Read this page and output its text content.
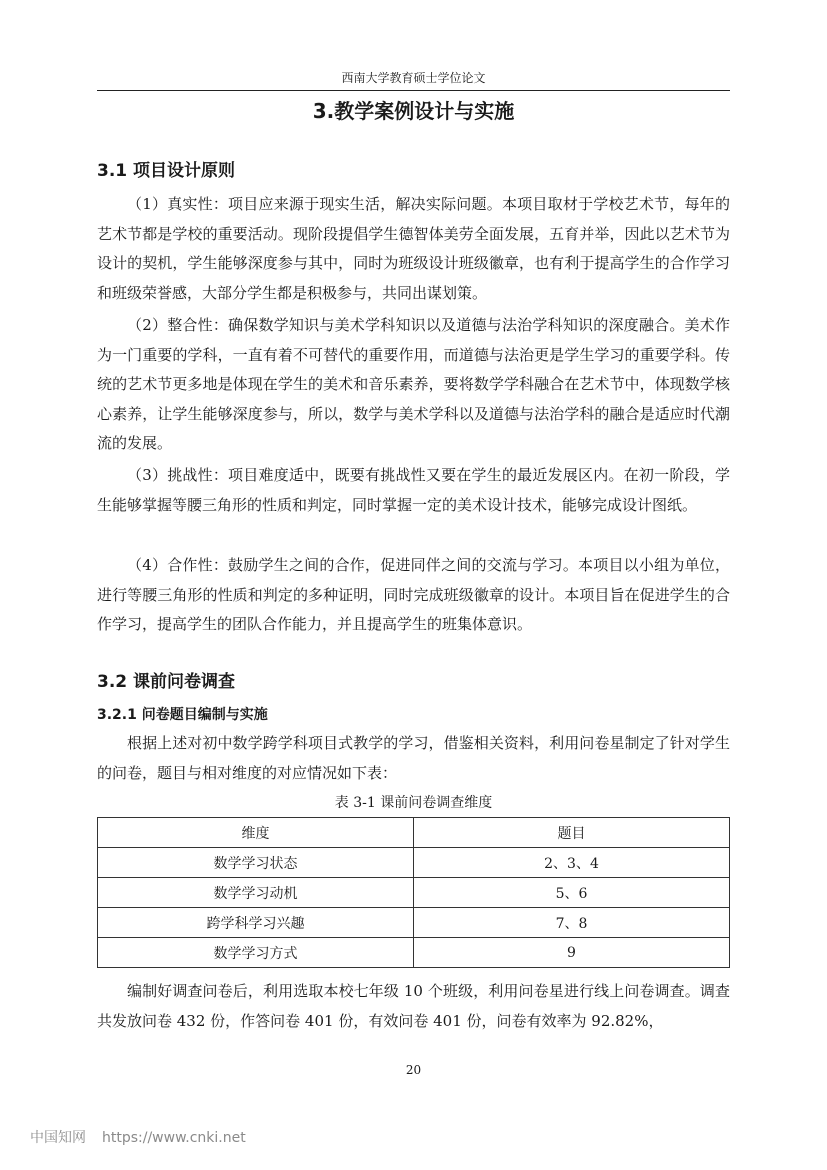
西南大学教育硕士学位论文
3.教学案例设计与实施
3.1 项目设计原则

（1）真实性：项目应来源于现实生活，解决实际问题。本项目取材于学校艺术节，每年的艺术节都是学校的重要活动。现阶段提倡学生德智体美劳全面发展，五育并举，因此以艺术节为设计的契机，学生能够深度参与其中，同时为班级设计班级徽章，也有利于提高学生的合作学习和班级荣誉感，大部分学生都是积极参与，共同出谋划策。

（2）整合性：确保数学知识与美术学科知识以及道德与法治学科知识的深度融合。美术作为一门重要的学科，一直有着不可替代的重要作用，而道德与法治更是学生学习的重要学科。传统的艺术节更多地是体现在学生的美术和音乐素养，要将数学学科融合在艺术节中，体现数学核心素养，让学生能够深度参与，所以，数学与美术学科以及道德与法治学科的融合是适应时代潮流的发展。

（3）挑战性：项目难度适中，既要有挑战性又要在学生的最近发展区内。在初一阶段，学生能够掌握等腰三角形的性质和判定，同时掌握一定的美术设计技术，能够完成设计图纸。

（4）合作性：鼓励学生之间的合作，促进同伴之间的交流与学习。本项目以小组为单位，进行等腰三角形的性质和判定的多种证明，同时完成班级徽章的设计。本项目旨在促进学生的合作学习，提高学生的团队合作能力，并且提高学生的班集体意识。

3.2 课前问卷调查
3.2.1 问卷题目编制与实施

根据上述对初中数学跨学科项目式教学的学习，借鉴相关资料，利用问卷星制定了针对学生的问卷，题目与相对维度的对应情况如下表：

表 3-1 课前问卷调查维度
维度	题目
数学学习状态	2、3、4
数学学习动机	5、6
跨学科学习兴趣	7、8
数学学习方式	9

编制好调查问卷后，利用选取本校七年级 10 个班级，利用问卷星进行线上问卷调查。调查共发放问卷 432 份，作答问卷 401 份，有效问卷 401 份，问卷有效率为 92.82%，

20
中国知网 https://www.cnki.net
